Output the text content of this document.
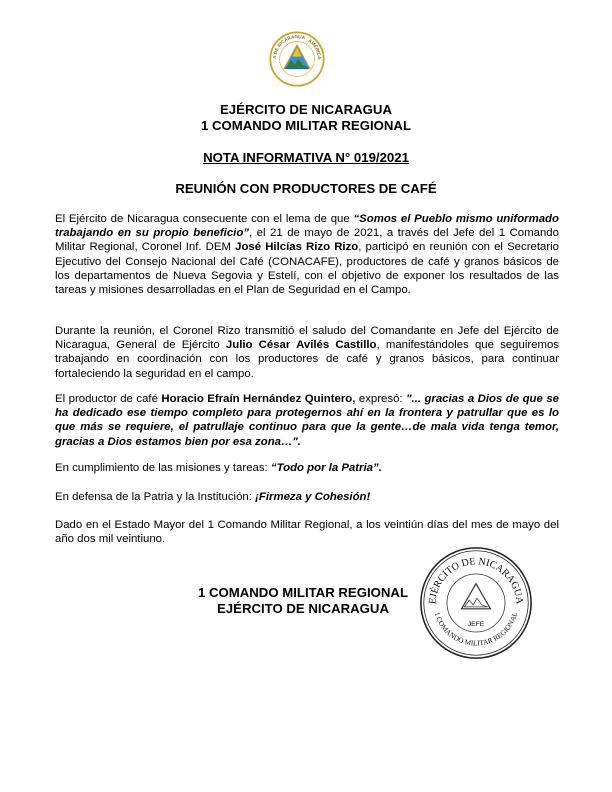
A DE NICARAGUA · AMÉRICA
EJÉRCITO DE NICARAGUA
1 COMANDO MILITAR REGIONAL
NOTA INFORMATIVA N° 019/2021
REUNIÓN CON PRODUCTORES DE CAFÉ

El Ejército de Nicaragua consecuente con el lema de que “Somos el Pueblo mismo uniformado trabajando en su propio beneficio”, el 21 de mayo de 2021, a través del Jefe del 1 Comando Militar Regional, Coronel Inf. DEM José Hilcías Rizo Rizo, participó en reunión con el Secretario Ejecutivo del Consejo Nacional del Café (CONACAFE), productores de café y granos básicos de los departamentos de Nueva Segovia y Estelí, con el objetivo de exponer los resultados de las tareas y misiones desarrolladas en el Plan de Seguridad en el Campo.

Durante la reunión, el Coronel Rizo transmitió el saludo del Comandante en Jefe del Ejército de Nicaragua, General de Ejército Julio César Avilés Castillo, manifestándoles que seguiremos trabajando en coordinación con los productores de café y granos básicos, para continuar fortaleciendo la seguridad en el campo.

El productor de café Horacio Efraín Hernández Quintero, expresó: "... gracias a Dios de que se ha dedicado ese tiempo completo para protegernos ahí en la frontera y patrullar que es lo que más se requiere, el patrullaje continuo para que la gente…de mala vida tenga temor, gracias a Dios estamos bien por esa zona…".

En cumplimiento de las misiones y tareas: “Todo por la Patria”.

En defensa de la Patria y la Institución: ¡Firmeza y Cohesión!

Dado en el Estado Mayor del 1 Comando Militar Regional, a los veintiún días del mes de mayo del año dos mil veintiuno.

1 COMANDO MILITAR REGIONAL
EJÉRCITO DE NICARAGUA
EJÉRCITO DE NICARAGUA
1 COMANDO MILITAR REGIONAL
JEFE
